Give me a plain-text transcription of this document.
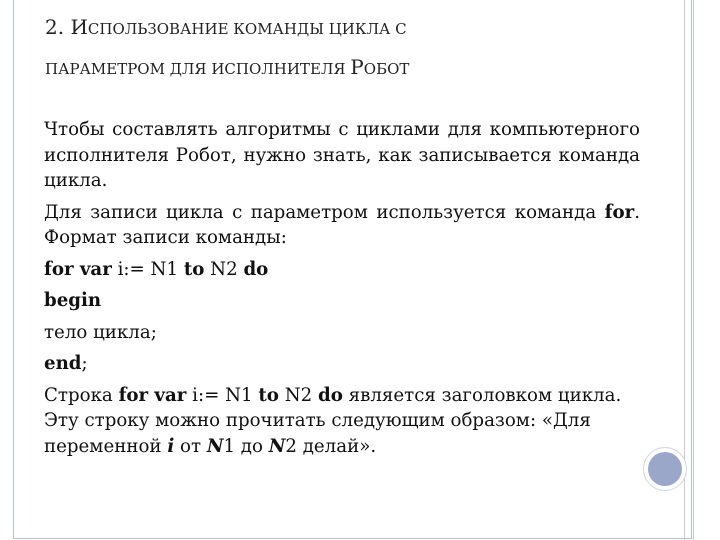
2. ИСПОЛЬЗОВАНИЕ КОМАНДЫ ЦИКЛА С
ПАРАМЕТРОМ ДЛЯ ИСПОЛНИТЕЛЯ РОБОТ

Чтобы составлять алгоритмы с циклами для компьютерного исполнителя Робот, нужно знать, как записывается команда цикла.

Для записи цикла с параметром используется команда for. Формат записи команды:

for var i:= N1 to N2 do

begin

тело цикла;

end;

Строка for var i:= N1 to N2 do является заголовком цикла. Эту строку можно прочитать следующим образом: «Для переменной i от N1 до N2 делай».
